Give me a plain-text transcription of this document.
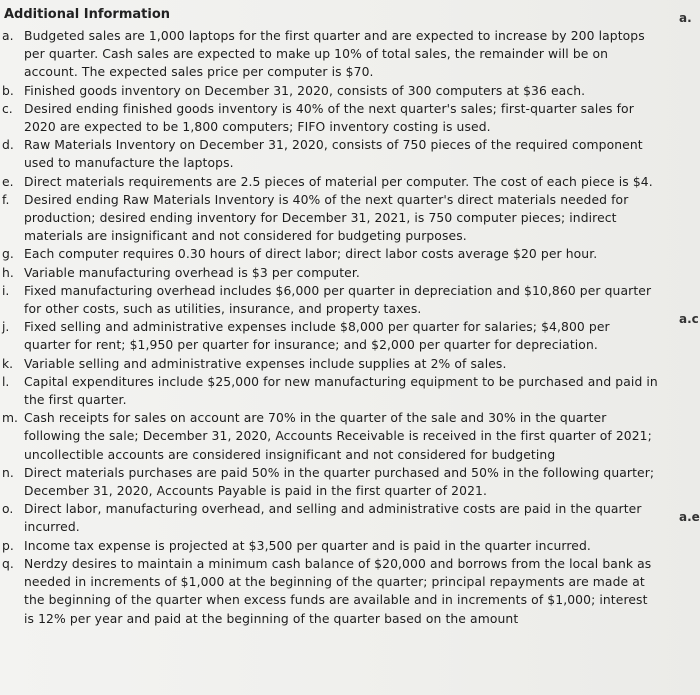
Additional Information	a.
a.c
a.e
a. Budgeted sales are 1,000 laptops for the first quarter and are expected to increase by 200 laptops per quarter. Cash sales are expected to make up 10% of total sales, the remainder will be on account. The expected sales price per computer is $70.
b. Finished goods inventory on December 31, 2020, consists of 300 computers at $36 each.
c. Desired ending finished goods inventory is 40% of the next quarter's sales; first-quarter sales for 2020 are expected to be 1,800 computers; FIFO inventory costing is used.
d. Raw Materials Inventory on December 31, 2020, consists of 750 pieces of the required component used to manufacture the laptops.
e. Direct materials requirements are 2.5 pieces of material per computer. The cost of each piece is $4.
f.	Desired ending Raw Materials Inventory is 40% of the next quarter's direct materials needed for production; desired ending inventory for December 31, 2021, is 750 computer pieces; indirect materials are insignificant and not considered for budgeting purposes.
g. Each computer requires 0.30 hours of direct labor; direct labor costs average $20 per hour.
h. Variable manufacturing overhead is $3 per computer.
i.	Fixed manufacturing overhead includes $6,000 per quarter in depreciation and $10,860 per quarter for other costs, such as utilities, insurance, and property taxes.
j.	Fixed selling and administrative expenses include $8,000 per quarter for salaries; $4,800 per quarter for rent; $1,950 per quarter for insurance; and $2,000 per quarter for depreciation.
k. Variable selling and administrative expenses include supplies at 2% of sales.
l.	Capital expenditures include $25,000 for new manufacturing equipment to be purchased and paid in the first quarter.
m. Cash receipts for sales on account are 70% in the quarter of the sale and 30% in the quarter following the sale; December 31, 2020, Accounts Receivable is received in the first quarter of 2021; uncollectible accounts are considered insignificant and not considered for budgeting
n. Direct materials purchases are paid 50% in the quarter purchased and 50% in the following quarter; December 31, 2020, Accounts Payable is paid in the first quarter of 2021.
o. Direct labor, manufacturing overhead, and selling and administrative costs are paid in the quarter incurred.
p. Income tax expense is projected at $3,500 per quarter and is paid in the quarter incurred.
q. Nerdzy desires to maintain a minimum cash balance of $20,000 and borrows from the local bank as needed in increments of $1,000 at the beginning of the quarter; principal repayments are made at the beginning of the quarter when excess funds are available and in increments of $1,000; interest is 12% per year and paid at the beginning of the quarter based on the amount
